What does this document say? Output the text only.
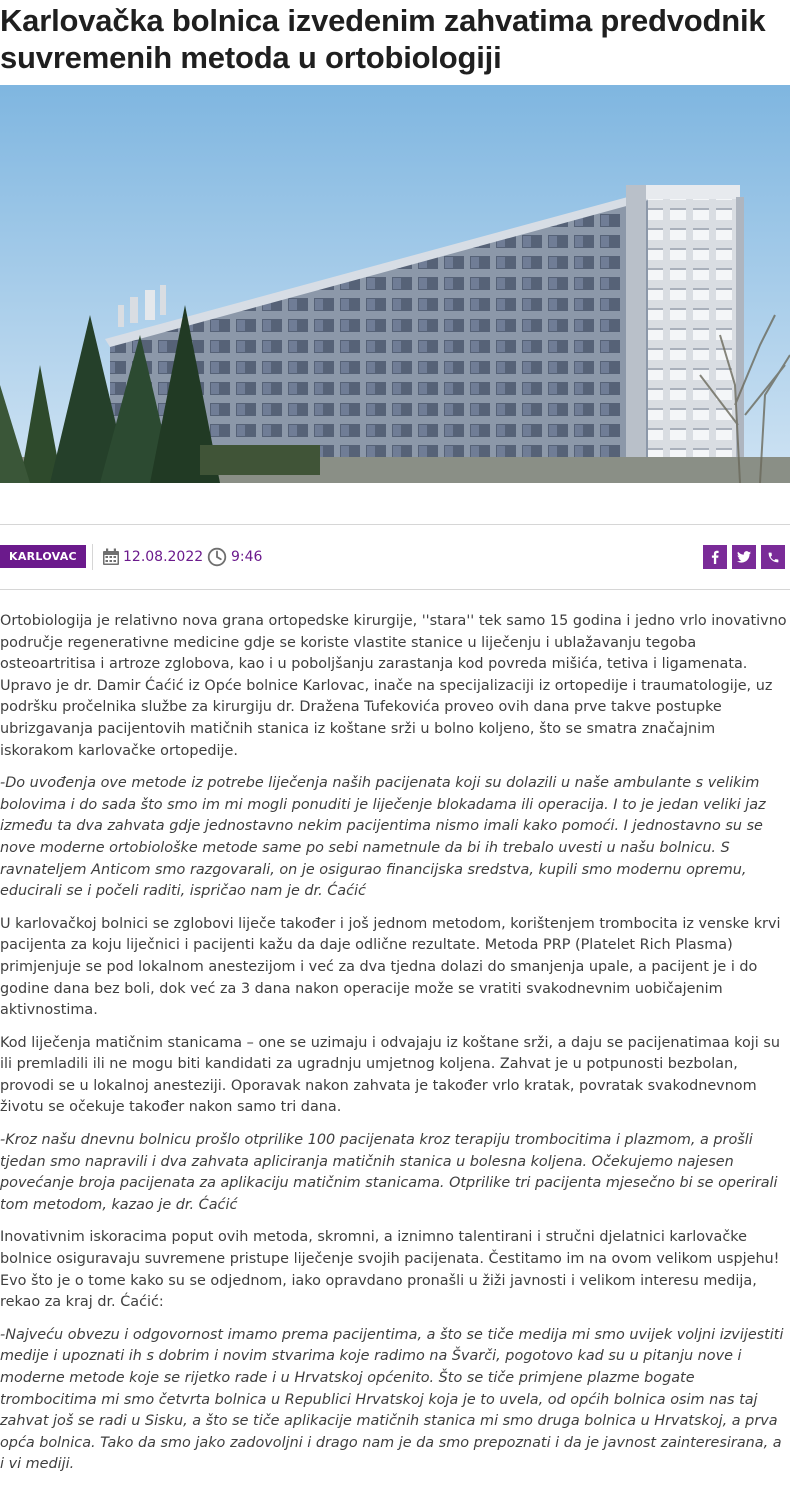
Karlovačka bolnica izvedenim zahvatima predvodnik suvremenih metoda u ortobiologiji
KARLOVAC	12.08.2022 9:46

Ortobiologija je relativno nova grana ortopedske kirurgije, ''stara'' tek samo 15 godina i jedno vrlo inovativno područje regenerativne medicine gdje se koriste vlastite stanice u liječenju i ublažavanju tegoba osteoartritisa i artroze zglobova, kao i u poboljšanju zarastanja kod povreda mišića, tetiva i ligamenata. Upravo je dr. Damir Ćaćić iz Opće bolnice Karlovac, inače na specijalizaciji iz ortopedije i traumatologije, uz podršku pročelnika službe za kirurgiju dr. Dražena Tufekovića proveo ovih dana prve takve postupke ubrizgavanja pacijentovih matičnih stanica iz koštane srži u bolno koljeno, što se smatra značajnim iskorakom karlovačke ortopedije.

-Do uvođenja ove metode iz potrebe liječenja naših pacijenata koji su dolazili u naše ambulante s velikim bolovima i do sada što smo im mi mogli ponuditi je liječenje blokadama ili operacija. I to je jedan veliki jaz između ta dva zahvata gdje jednostavno nekim pacijentima nismo imali kako pomoći. I jednostavno su se nove moderne ortobiološke metode same po sebi nametnule da bi ih trebalo uvesti u našu bolnicu. S ravnateljem Anticom smo razgovarali, on je osigurao financijska sredstva, kupili smo modernu opremu, educirali se i počeli raditi, ispričao nam je dr. Ćaćić

U karlovačkoj bolnici se zglobovi liječe također i još jednom metodom, korištenjem trombocita iz venske krvi pacijenta za koju liječnici i pacijenti kažu da daje odlične rezultate. Metoda PRP (Platelet Rich Plasma) primjenjuje se pod lokalnom anestezijom i već za dva tjedna dolazi do smanjenja upale, a pacijent je i do godine dana bez boli, dok već za 3 dana nakon operacije može se vratiti svakodnevnim uobičajenim aktivnostima.

Kod liječenja matičnim stanicama – one se uzimaju i odvajaju iz koštane srži, a daju se pacijenatimaa koji su ili premladili ili ne mogu biti kandidati za ugradnju umjetnog koljena. Zahvat je u potpunosti bezbolan, provodi se u lokalnoj anesteziji. Oporavak nakon zahvata je također vrlo kratak, povratak svakodnevnom životu se očekuje također nakon samo tri dana.

-Kroz našu dnevnu bolnicu prošlo otprilike 100 pacijenata kroz terapiju trombocitima i plazmom, a prošli tjedan smo napravili i dva zahvata apliciranja matičnih stanica u bolesna koljena. Očekujemo najesen povećanje broja pacijenata za aplikaciju matičnim stanicama. Otprilike tri pacijenta mjesečno bi se operirali tom metodom, kazao je dr. Ćaćić

Inovativnim iskoracima poput ovih metoda, skromni, a iznimno talentirani i stručni djelatnici karlovačke bolnice osiguravaju suvremene pristupe liječenje svojih pacijenata. Čestitamo im na ovom velikom uspjehu! Evo što je o tome kako su se odjednom, iako opravdano pronašli u žiži javnosti i velikom interesu medija, rekao za kraj dr. Ćaćić:

-Najveću obvezu i odgovornost imamo prema pacijentima, a što se tiče medija mi smo uvijek voljni izvijestiti medije i upoznati ih s dobrim i novim stvarima koje radimo na Švarči, pogotovo kad su u pitanju nove i moderne metode koje se rijetko rade i u Hrvatskoj općenito. Što se tiče primjene plazme bogate trombocitima mi smo četvrta bolnica u Republici Hrvatskoj koja je to uvela, od općih bolnica osim nas taj zahvat još se radi u Sisku, a što se tiče aplikacije matičnih stanica mi smo druga bolnica u Hrvatskoj, a prva opća bolnica. Tako da smo jako zadovoljni i drago nam je da smo prepoznati i da je javnost zainteresirana, a i vi mediji.
